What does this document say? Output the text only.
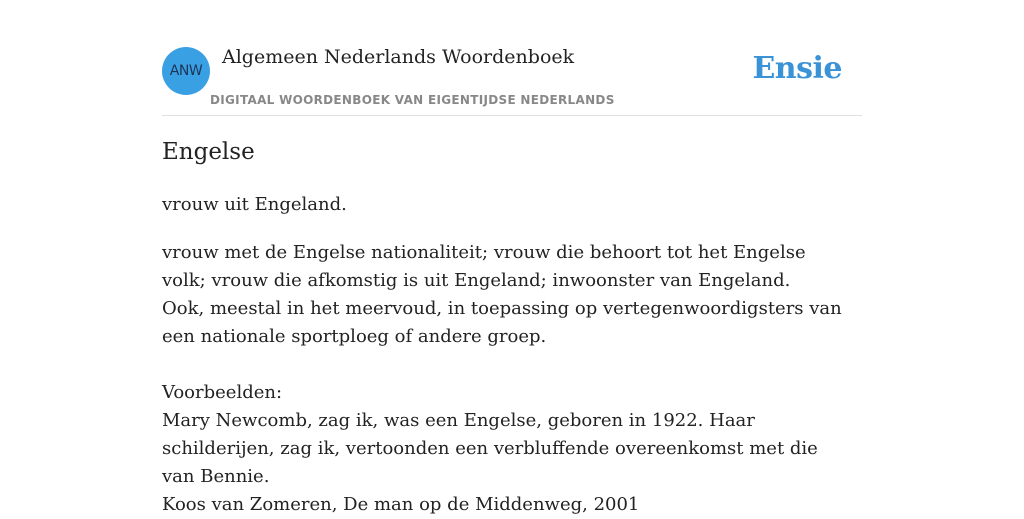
ANW
Algemeen Nederlands Woordenboek
DIGITAAL WOORDENBOEK VAN EIGENTIJDSE NEDERLANDS
Ensie
Engelse
vrouw uit Engeland.

vrouw met de Engelse nationaliteit; vrouw die behoort tot het Engelse volk; vrouw die afkomstig is uit Engeland; inwoonster van Engeland.

Ook, meestal in het meervoud, in toepassing op vertegenwoordigsters van een nationale sportploeg of andere groep.

Voorbeelden:

Mary Newcomb, zag ik, was een Engelse, geboren in 1922. Haar schilderijen, zag ik, vertoonden een verbluffende overeenkomst met die van Bennie.

Koos van Zomeren, De man op de Middenweg, 2001
